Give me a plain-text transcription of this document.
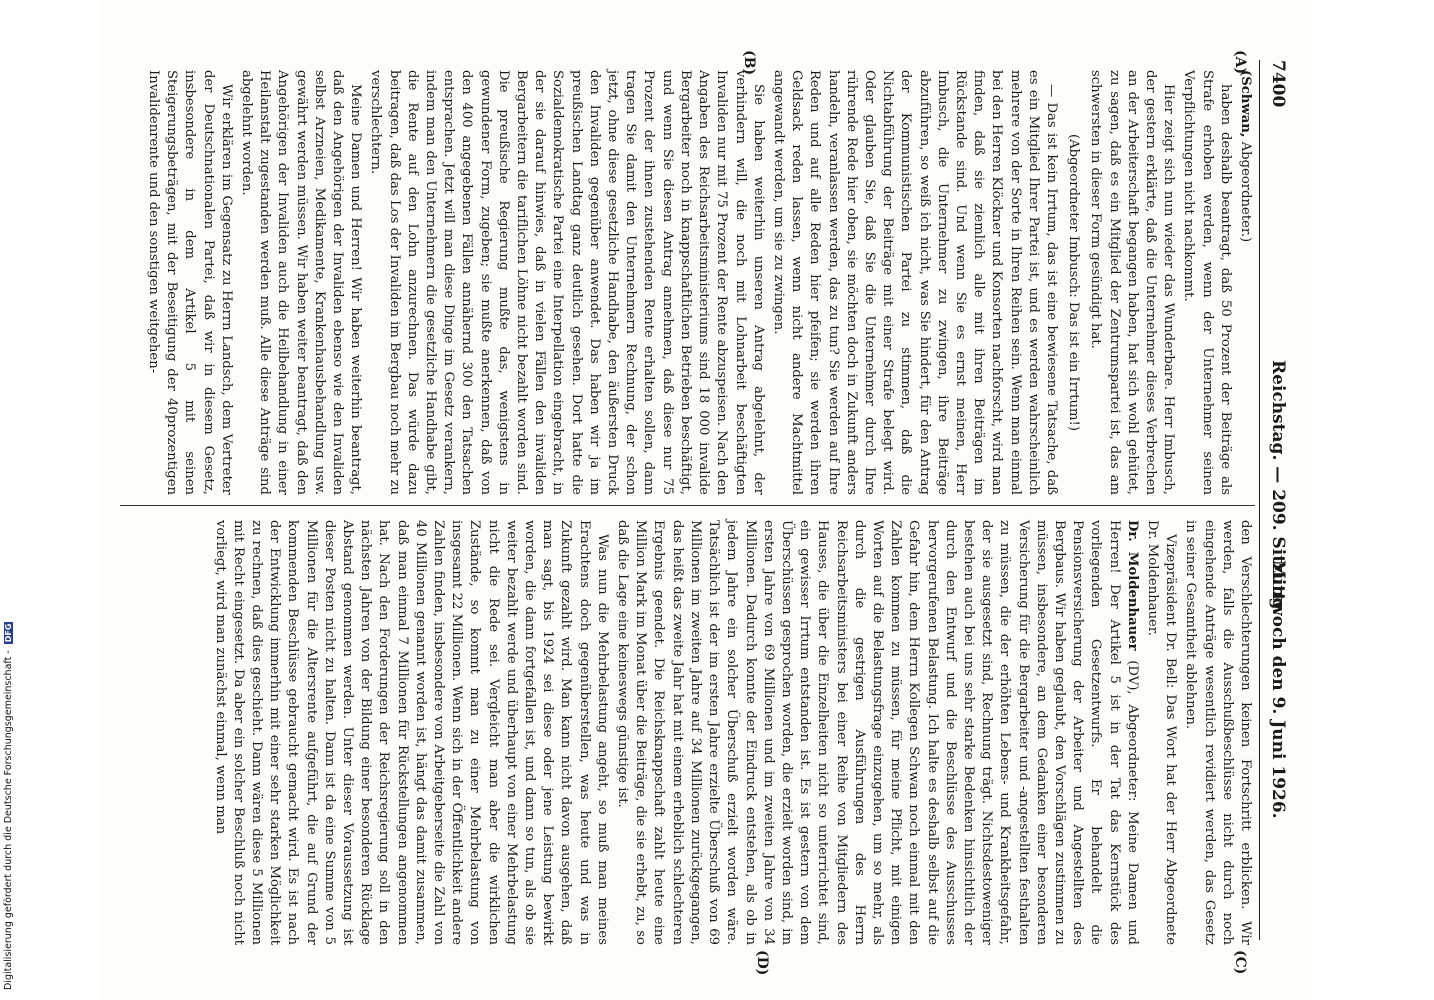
7400
Reichstag. — 209. Sitzung.
Mittwoch den 9. Juni 1926.
(A)
(B)
(C)
(D)

(Schwan, Abgeordneter.)

haben deshalb beantragt, daß 50 Prozent der Beiträge als Strafe erhoben werden, wenn der Unternehmer seinen Verpflichtungen nicht nachkommt.

Hier zeigt sich nun wieder das Wunderbare. Herr Imbusch, der gestern erklärte, daß die Unternehmer dieses Verbrechen an der Arbeiterschaft begangen haben, hat sich wohl gehütet, zu sagen, daß es ein Mitglied der Zentrumspartei ist, das am schwersten in dieser Form gesündigt hat.

(Abgeordneter Imbusch: Das ist ein Irrtum!)

— Das ist kein Irrtum, das ist eine bewiesene Tatsache, daß es ein Mitglied Ihrer Partei ist, und es werden wahrscheinlich mehrere von der Sorte in Ihren Reihen sein. Wenn man einmal bei den Herren Klöckner und Konsorten nachforscht, wird man finden, daß sie ziemlich alle mit ihren Beiträgen im Rückstande sind. Und wenn Sie es ernst meinen, Herr Imbusch, die Unternehmer zu zwingen, ihre Beiträge abzuführen, so weiß ich nicht, was Sie hindert, für den Antrag der Kommunistischen Partei zu stimmen, daß die Nichtabführung der Beiträge mit einer Strafe belegt wird. Oder glauben Sie, daß Sie die Unternehmer durch Ihre rührende Rede hier oben, sie möchten doch in Zukunft anders handeln, veranlassen werden, das zu tun? Sie werden auf Ihre Reden und auf alle Reden hier pfeifen; sie werden ihren Geldsack reden lassen, wenn nicht andere Machtmittel angewandt werden, um sie zu zwingen.

Sie haben weiterhin unseren Antrag abgelehnt, der verhindern will, die noch mit Lohnarbeit beschäftigten Invaliden nur mit 75 Prozent der Rente abzuspeisen. Nach den Angaben des Reichsarbeitsministeriums sind 18 000 invalide Bergarbeiter noch in knappschaftlichen Betrieben beschäftigt, und wenn Sie diesen Antrag annehmen, daß diese nur 75 Prozent der ihnen zustehenden Rente erhalten sollen, dann tragen Sie damit den Unternehmern Rechnung, der schon jetzt, ohne diese gesetzliche Handhabe, den äußersten Druck den Invaliden gegenüber anwendet. Das haben wir ja im preußischen Landtag ganz deutlich gesehen. Dort hatte die Sozialdemokratische Partei eine Interpellation eingebracht, in der sie darauf hinwies, daß in vielen Fällen den invaliden Bergarbeitern die tariflichen Löhne nicht bezahlt worden sind. Die preußische Regierung mußte das, wenigstens in gewundener Form, zugeben; sie mußte anerkennen, daß von den 400 angegebenen Fällen annähernd 300 den Tatsachen entsprachen. Jetzt will man diese Dinge im Gesetz verankern, indem man den Unternehmern die gesetzliche Handhabe gibt, die Rente auf den Lohn anzurechnen. Das würde dazu beitragen, daß das Los der Invaliden im Bergbau noch mehr zu verschlechtern.

Meine Damen und Herren! Wir haben weiterhin beantragt, daß den Angehörigen der Invaliden ebenso wie den Invaliden selbst Arzneien, Medikamente, Krankenhausbehandlung usw. gewährt werden müssen. Wir haben weiter beantragt, daß den Angehörigen der Invaliden auch die Heilbehandlung in einer Heilanstalt zugestanden werden muß. Alle diese Anträge sind abgelehnt worden.

Wir erklären im Gegensatz zu Herrn Landsch, dem Vertreter der Deutschnationalen Partei, daß wir in diesem Gesetz, insbesondere in dem Artikel 5 mit seinen Steigerungsbeträgen, mit der Beseitigung der 40prozentigen Invalidenrente und den sonstigen weitgehen-

den Verschlechterungen keinen Fortschritt erblicken. Wir werden, falls die Ausschußbeschlüsse nicht durch noch eingehende Anträge wesentlich revidiert werden, das Gesetz in seiner Gesamtheit ablehnen.

Vizepräsident Dr. Bell: Das Wort hat der Herr Abgeordnete Dr. Moldenhauer.

Dr. Moldenhauer (DV), Abgeordneter: Meine Damen und Herren! Der Artikel 5 ist in der Tat das Kernstück des vorliegenden Gesetzentwurfs. Er behandelt die Pensionsversicherung der Arbeiter und Angestellten des Bergbaus. Wir haben geglaubt, den Vorschlägen zustimmen zu müssen, insbesondere, an dem Gedanken einer besonderen Versicherung für die Bergarbeiter und -angestellten festhalten zu müssen, die der erhöhten Lebens- und Krankheitsgefahr, der sie ausgesetzt sind, Rechnung trägt. Nichtsdestoweniger bestehen auch bei uns sehr starke Bedenken hinsichtlich der durch den Entwurf und die Beschlüsse des Ausschusses hervorgerufenen Belastung. Ich halte es deshalb selbst auf die Gefahr hin, dem Herrn Kollegen Schwan noch einmal mit den Zahlen kommen zu müssen, für meine Pflicht, mit einigen Worten auf die Belastungsfrage einzugehen, um so mehr, als durch die gestrigen Ausführungen des Herrn Reichsarbeitsministers bei einer Reihe von Mitgliedern des Hauses, die über die Einzelheiten nicht so unterrichtet sind, ein gewisser Irrtum entstanden ist. Es ist gestern von dem Überschüssen gesprochen worden, die erzielt worden sind, im ersten Jahre von 69 Millionen und im zweiten Jahre von 34 Millionen. Dadurch konnte der Eindruck entstehen, als ob in jedem Jahre ein solcher Überschuß erzielt worden wäre. Tatsächlich ist der im ersten Jahre erzielte Überschuß von 69 Millionen im zweiten Jahre auf 34 Millionen zurückgegangen, das heißt das zweite Jahr hat mit einem erheblich schlechteren Ergebnis geendet. Die Reichsknappschaft zahlt heute eine Million Mark im Monat über die Beiträge, die sie erhebt, zu, so daß die Lage eine keineswegs günstige ist.

Was nun die Mehrbelastung angeht, so muß man meines Erachtens doch gegenüberstellen, was heute und was in Zukunft gezahlt wird. Man kann nicht davon ausgehen, daß man sagt, bis 1924 sei diese oder jene Leistung bewirkt worden, die dann fortgefallen ist, und dann so tun, als ob sie weiter bezahlt werde und überhaupt von einer Mehrbelastung nicht die Rede sei. Vergleicht man aber die wirklichen Zustände, so kommt man zu einer Mehrbelastung von insgesamt 22 Millionen. Wenn sich in der Öffentlichkeit andere Zahlen finden, insbesondere von Arbeitgeberseite die Zahl von 40 Millionen genannt worden ist, hängt das damit zusammen, daß man einmal 7 Millionen für Rückstellungen angenommen hat. Nach den Forderungen der Reichsregierung soll in den nächsten Jahren von der Bildung einer besonderen Rücklage Abstand genommen werden. Unter dieser Voraussetzung ist dieser Posten nicht zu halten. Dann ist da eine Summe von 5 Millionen für die Altersrente aufgeführt, die auf Grund der kommenden Beschlüsse gebraucht gemacht wird. Es ist nach der Entwicklung immerhin mit einer sehr starken Möglichkeit zu rechnen, daß dies geschieht. Dann wären diese 5 Millionen mit Recht eingesetzt. Da aber ein solcher Beschluß noch nicht vorliegt, wird man zunächst einmal, wenn man

Digitalisierung gefördert durch die Deutsche Forschungsgemeinschaft - DFG
